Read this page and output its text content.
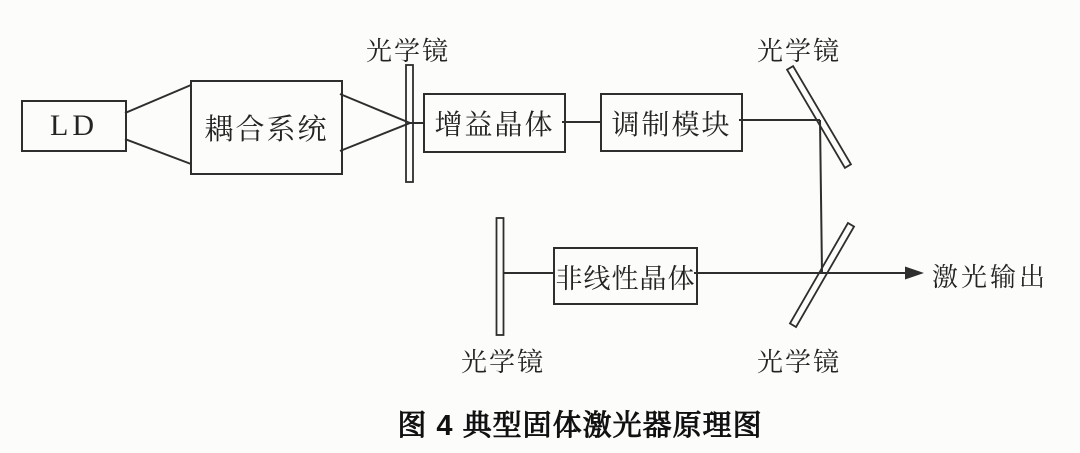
LD	耦合系统	增益晶体	调制模块
非线性晶体
光学镜	光学镜
光学镜
光学镜
激光输出
图 4 典型固体激光器原理图
